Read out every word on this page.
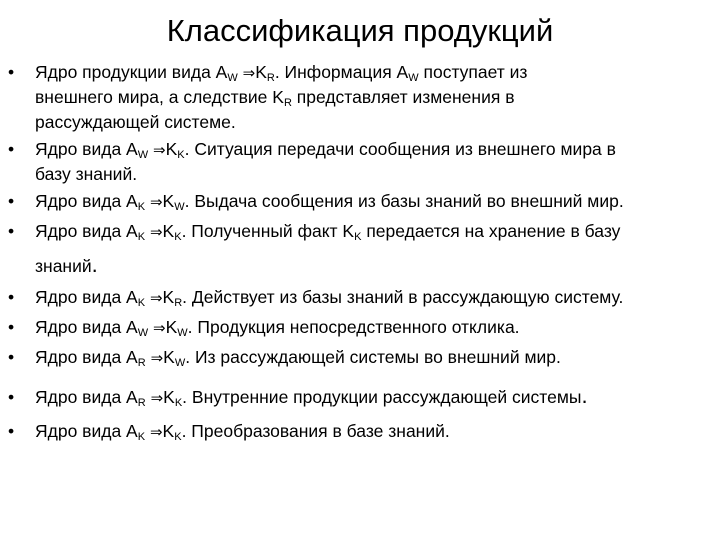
Классификация продукций
• Ядро продукции вида $A_W$ $\Rightarrow K_R$. Информация $A_W$ поступает из
внешнего мира, а следствие $K_R$ представляет изменения в
рассуждающей системе.
• Ядро вида $A_W$ $\Rightarrow K_K$. Ситуация передачи сообщения из внешнего мира в
базу знаний.
• Ядро вида $A_K$ $\Rightarrow K_W$. Выдача сообщения из базы знаний во внешний мир.
• Ядро вида $A_K$ $\Rightarrow K_K$. Полученный факт $K_K$ передается на хранение в базу
знаний.
• Ядро вида $A_K$ $\Rightarrow K_R$. Действует из базы знаний в рассуждающую систему.
• Ядро вида $A_W$ $\Rightarrow K_W$. Продукция непосредственного отклика.
• Ядро вида $A_R$ $\Rightarrow K_W$. Из рассуждающей системы во внешний мир.
• Ядро вида $A_R$ $\Rightarrow K_K$. Внутренние продукции рассуждающей системы.
• Ядро вида $A_K$ $\Rightarrow K_K$. Преобразования в базе знаний.
